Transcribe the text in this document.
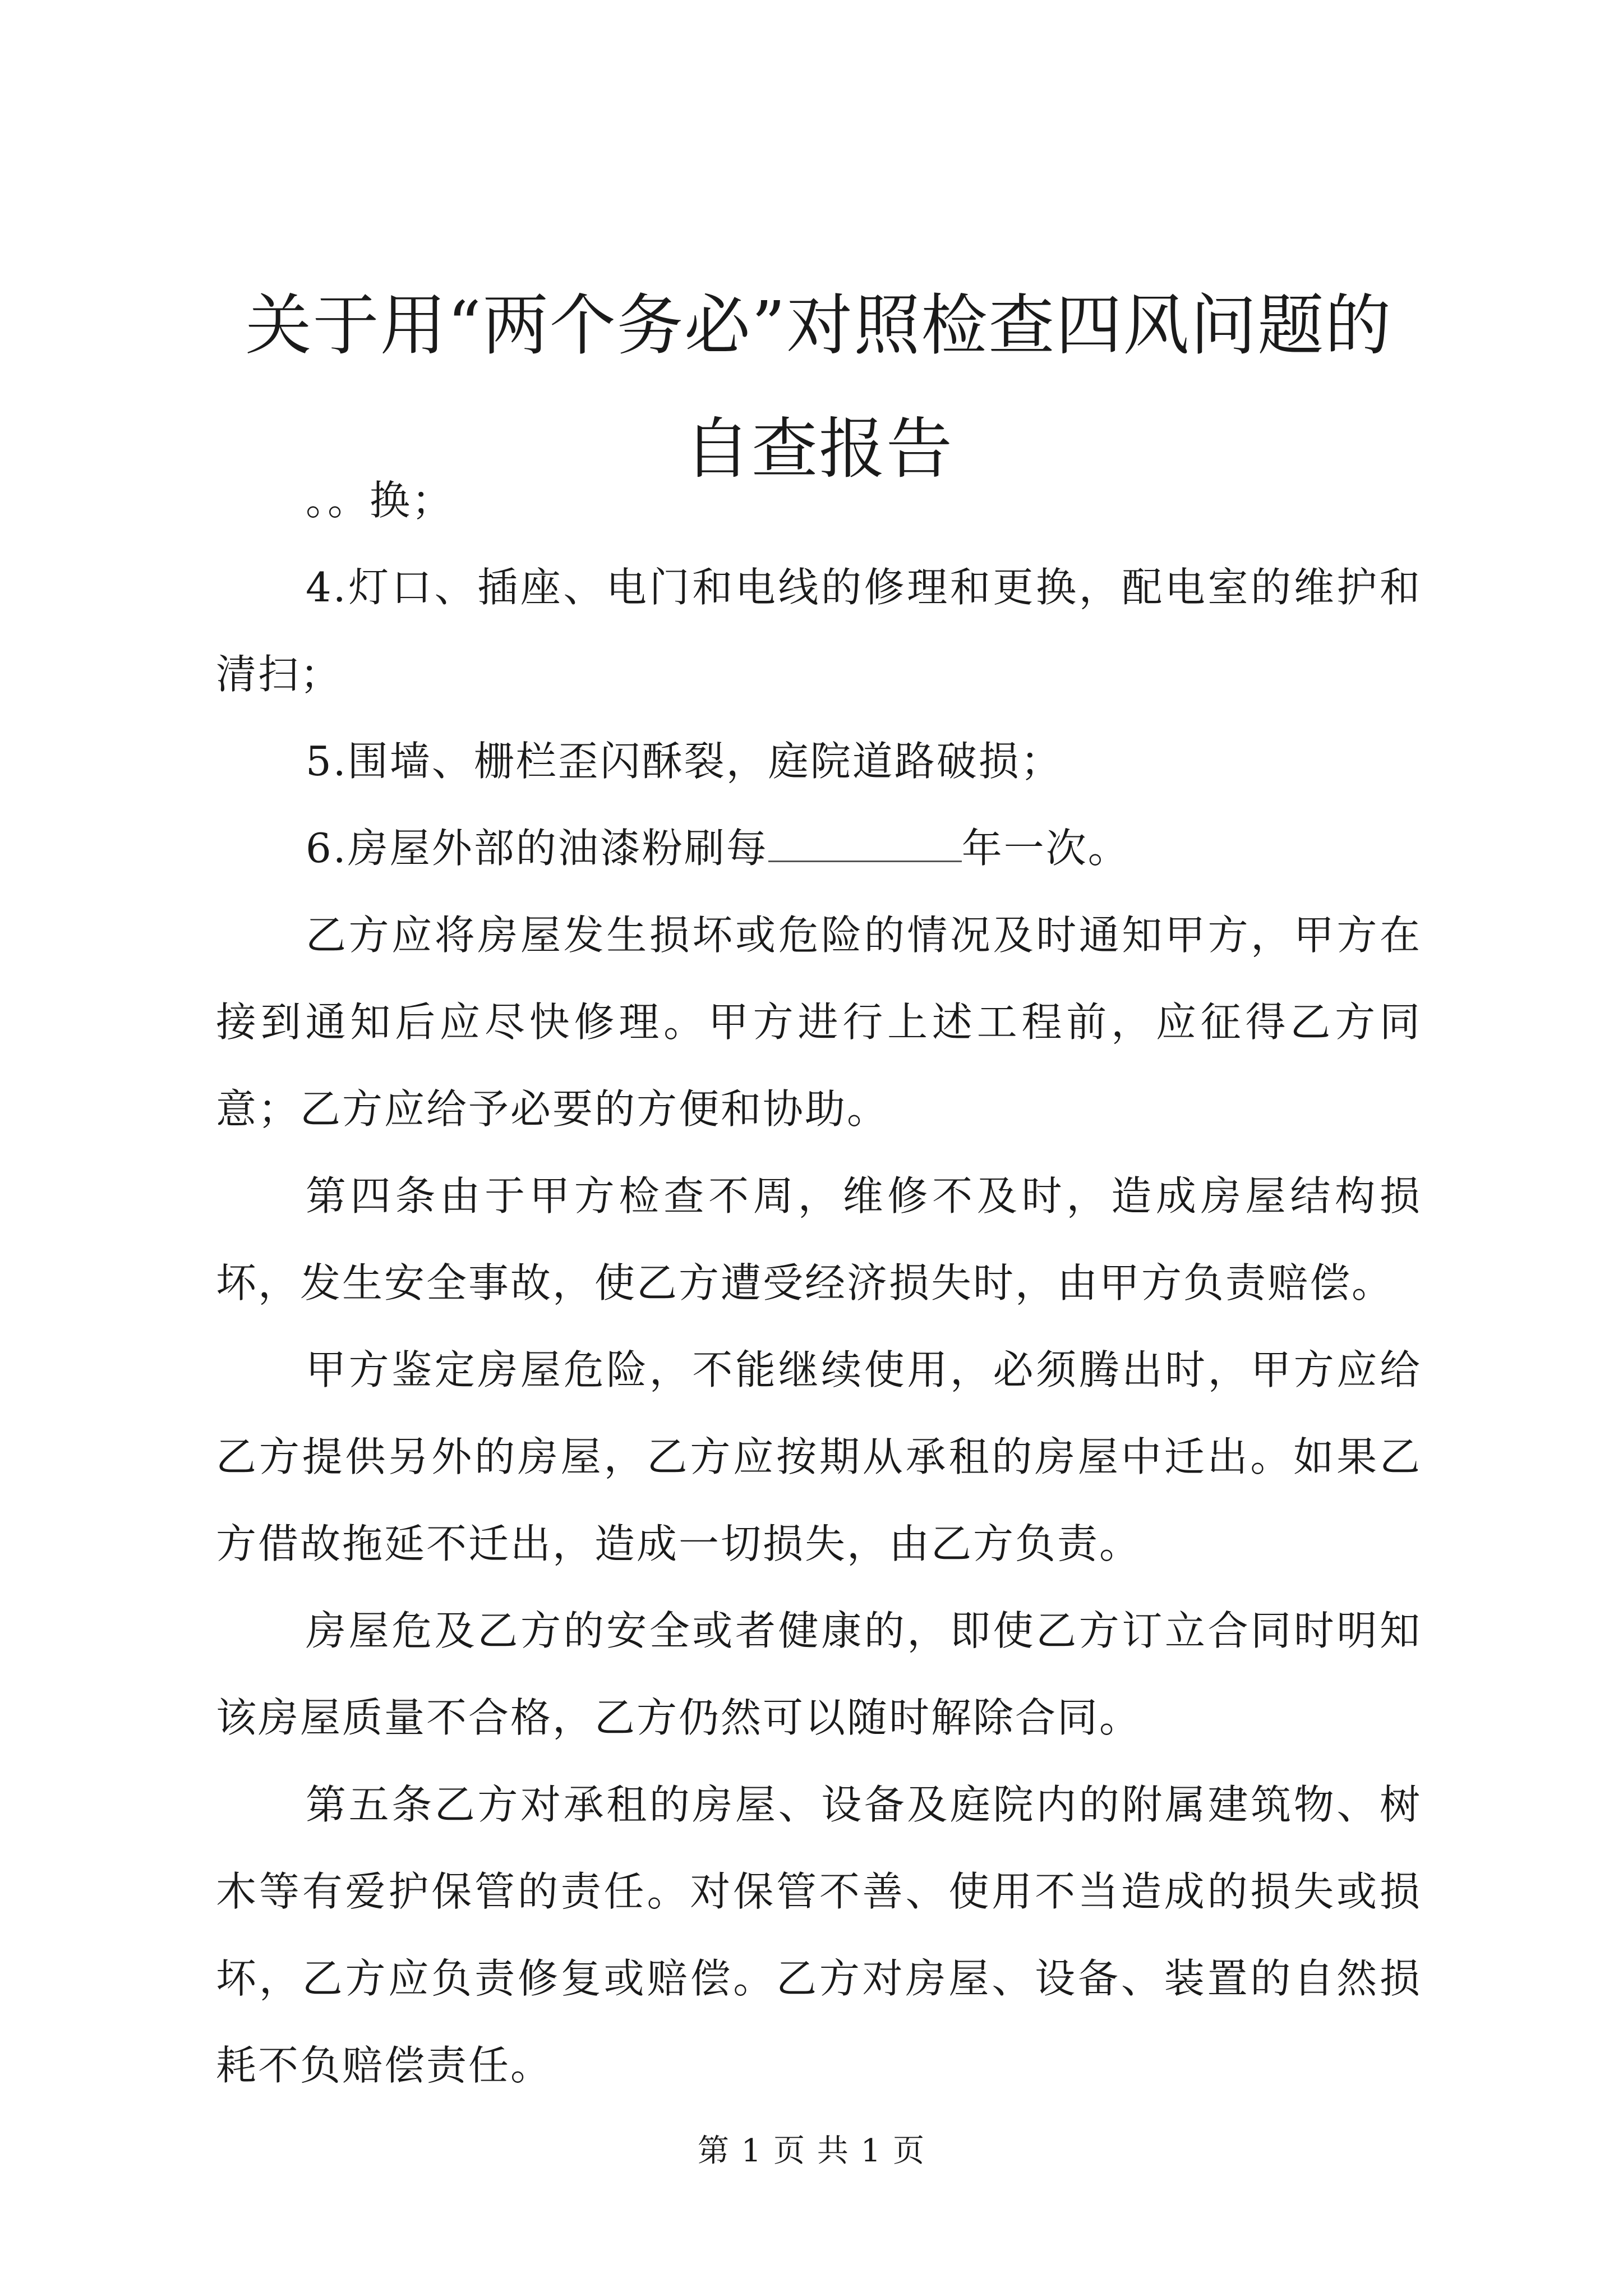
关于用“两个务必”对照检查四风问题的自查报告

。。换；

4.灯口、插座、电门和电线的修理和更换，配电室的维护和清扫；

5.围墙、栅栏歪闪酥裂，庭院道路破损；

6.房屋外部的油漆粉刷每	年一次。

乙方应将房屋发生损坏或危险的情况及时通知甲方，甲方在接到通知后应尽快修理。甲方进行上述工程前，应征得乙方同意；乙方应给予必要的方便和协助。

第四条由于甲方检查不周，维修不及时，造成房屋结构损坏，发生安全事故，使乙方遭受经济损失时，由甲方负责赔偿。

甲方鉴定房屋危险，不能继续使用，必须腾出时，甲方应给乙方提供另外的房屋，乙方应按期从承租的房屋中迁出。如果乙方借故拖延不迁出，造成一切损失，由乙方负责。

房屋危及乙方的安全或者健康的，即使乙方订立合同时明知该房屋质量不合格，乙方仍然可以随时解除合同。

第五条乙方对承租的房屋、设备及庭院内的附属建筑物、树木等有爱护保管的责任。对保管不善、使用不当造成的损失或损坏，乙方应负责修复或赔偿。乙方对房屋、设备、装置的自然损耗不负赔偿责任。

第 1 页 共 1 页
